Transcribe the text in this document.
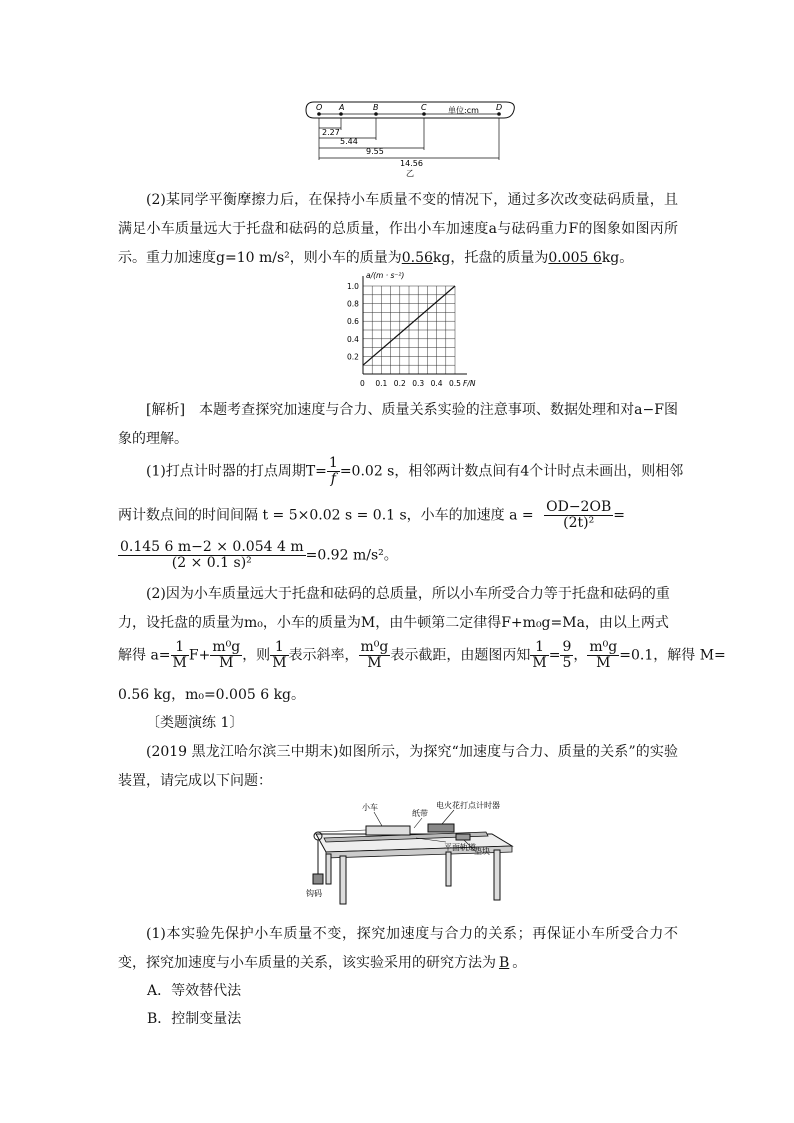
O A	B	C	D
单位:cm
2.27
5.44
9.55
14.56
乙
(2)某同学平衡摩擦力后，在保持小车质量不变的情况下，通过多次改变砝码质量，且满足小车质量远大于托盘和砝码的总质量，作出小车加速度a与砝码重力F的图象如图丙所示。重力加速度g=10 m/s²，则小车的质量为0.56kg，托盘的质量为0.005 6kg。
a/(m · s⁻²)
0 0.1 0.2 0.3 0.4 0.5
0.2
0.4
0.6
0.8
1.0
F/N
[解析] 本题考查探究加速度与合力、质量关系实验的注意事项、数据处理和对a−F图象的理解。
(1)打点计时器的打点周期$T= \frac{1}{f} =0.02$ s，相邻两计数点间有4个计时点未画出，则相邻
两计数点间的时间间隔 t = 5×0.02 s = 0.1 s，小车的加速度 $a = \frac{OD-2OB}{\text{(2t)²}}$ =
$\frac{0.145 6 m-2 \times 0.054 4 m}{\text{(2 × 0.1 s)²}} =0.92$ m/s²。
(2)因为小车质量远大于托盘和砝码的总质量，所以小车所受合力等于托盘和砝码的重
力，设托盘的质量为m₀，小车的质量为M，由牛顿第二定律得F+m₀g=Ma，由以上两式
解得 $a= \frac{1}{M} F+ \frac{\text{m⁰g}}{M}$ ，则 $\frac{1}{M}$ 表示斜率， $\frac{\text{m⁰g}}{M}$ 表示截距，由题图丙知 $\frac{1}{M} = \frac{9}{5}$ ， $\frac{\text{m⁰g}}{M} =0.1$，解得 M=
0.56 kg，m₀=0.005 6 kg。
〔类题演练 1〕
(2019 黑龙江哈尔滨三中期末)如图所示，为探究“加速度与合力、质量的关系”的实验装置，请完成以下问题：
小车
纸带
电火花打点计时器
平面轨道
垫块
钩码
(1)本实验先保护小车质量不变，探究加速度与合力的关系；再保证小车所受合力不变，探究加速度与小车质量的关系，该实验采用的研究方法为 B 。
A．等效替代法
B．控制变量法
